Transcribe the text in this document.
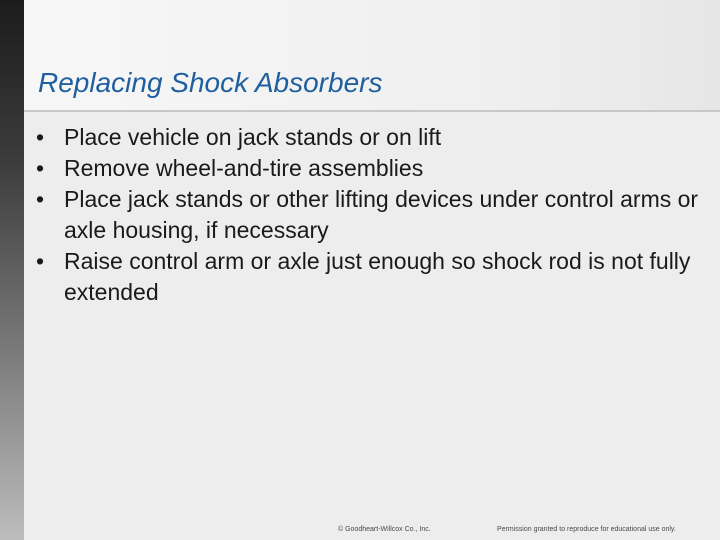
Replacing Shock Absorbers
• Place vehicle on jack stands or on lift
• Remove wheel-and-tire assemblies
• Place jack stands or other lifting devices under control arms or axle housing, if necessary
• Raise control arm or axle just enough so shock rod is not fully extended
© Goodheart-Willcox Co., Inc.	Permission granted to reproduce for educational use only.
